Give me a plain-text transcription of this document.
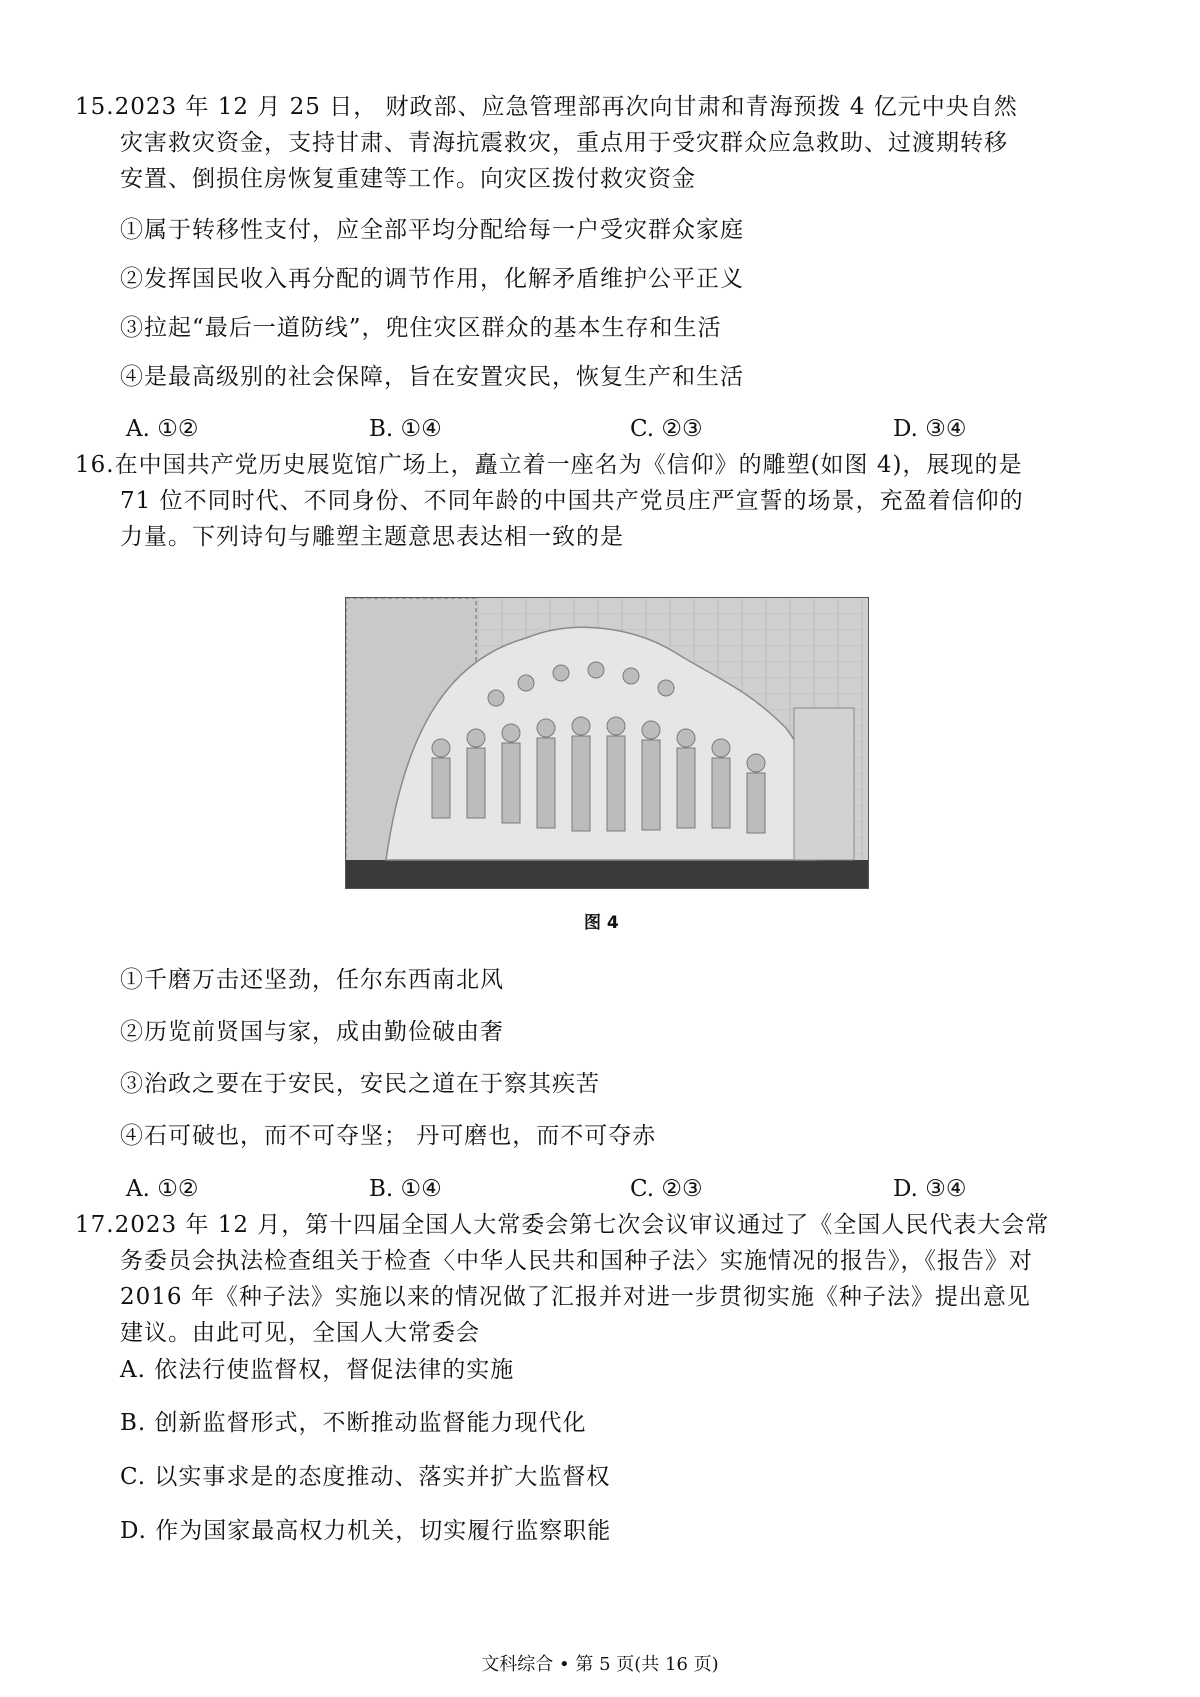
15.2023 年 12 月 25 日， 财政部、应急管理部再次向甘肃和青海预拨 4 亿元中央自然
灾害救灾资金，支持甘肃、青海抗震救灾，重点用于受灾群众应急救助、过渡期转移
安置、倒损住房恢复重建等工作。向灾区拨付救灾资金
①属于转移性支付，应全部平均分配给每一户受灾群众家庭
②发挥国民收入再分配的调节作用，化解矛盾维护公平正义
③拉起“最后一道防线”，兜住灾区群众的基本生存和生活
④是最高级别的社会保障，旨在安置灾民，恢复生产和生活
A. ①②	B. ①④	C. ②③	D. ③④
16.在中国共产党历史展览馆广场上，矗立着一座名为《信仰》的雕塑(如图 4)，展现的是
71 位不同时代、不同身份、不同年龄的中国共产党员庄严宣誓的场景，充盈着信仰的
力量。下列诗句与雕塑主题意思表达相一致的是
图 4
①千磨万击还坚劲，任尔东西南北风
②历览前贤国与家，成由勤俭破由奢
③治政之要在于安民，安民之道在于察其疾苦
④石可破也，而不可夺坚； 丹可磨也，而不可夺赤
A. ①②	B. ①④	C. ②③	D. ③④
17.2023 年 12 月，第十四届全国人大常委会第七次会议审议通过了《全国人民代表大会常
务委员会执法检查组关于检查〈中华人民共和国种子法〉实施情况的报告》，《报告》对
2016 年《种子法》实施以来的情况做了汇报并对进一步贯彻实施《种子法》提出意见
建议。由此可见，全国人大常委会
A. 依法行使监督权，督促法律的实施
B. 创新监督形式，不断推动监督能力现代化
C. 以实事求是的态度推动、落实并扩大监督权
D. 作为国家最高权力机关，切实履行监察职能
文科综合 • 第 5 页(共 16 页)
